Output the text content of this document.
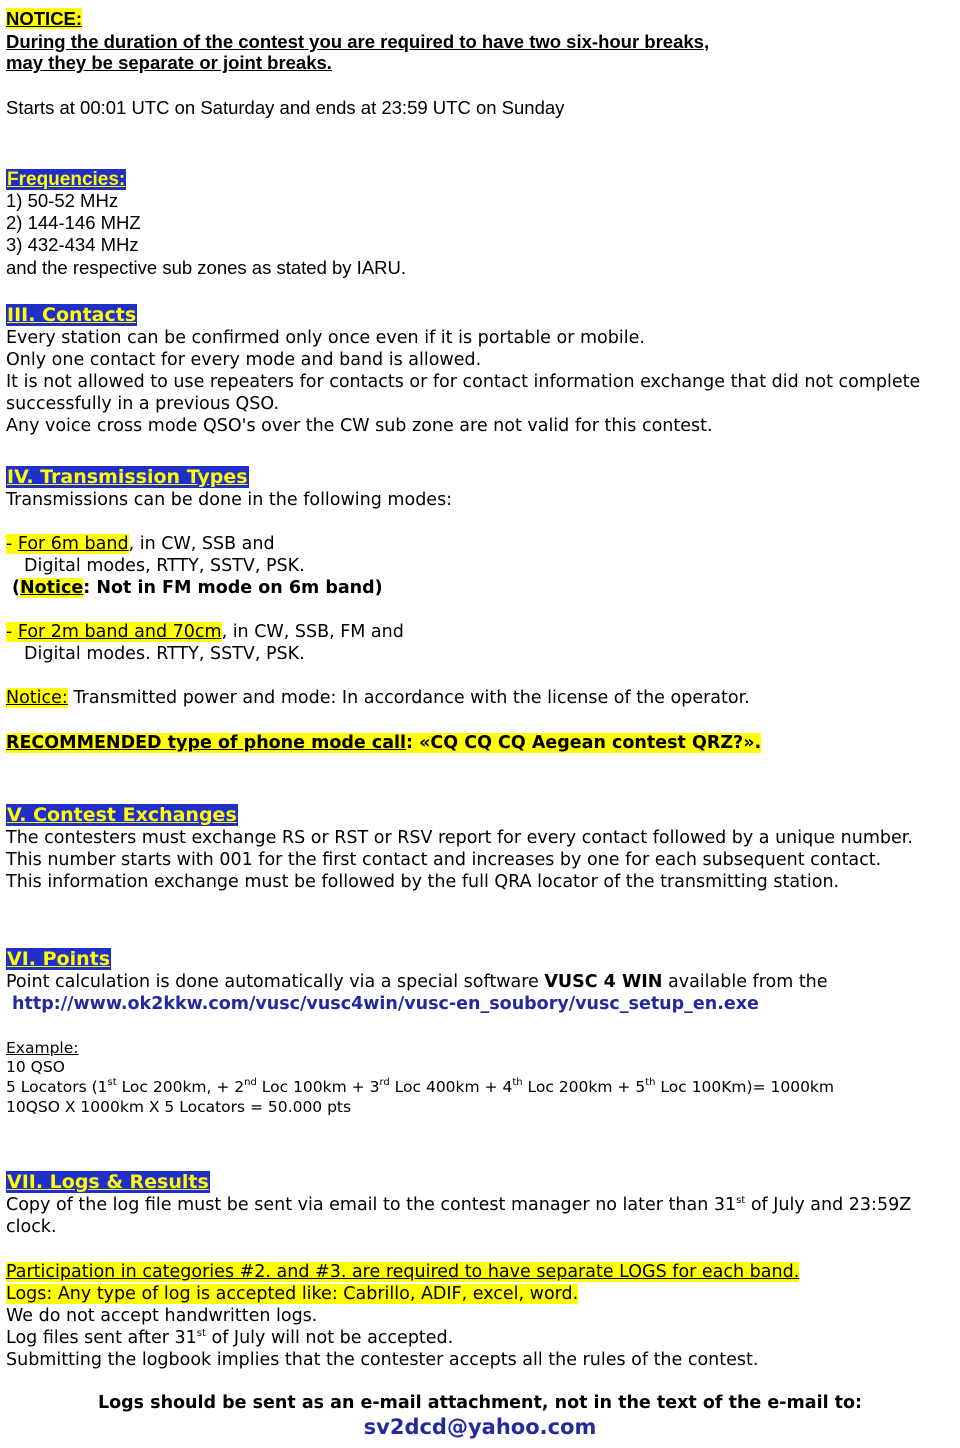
NOTICE:
During the duration of the contest you are required to have two six-hour breaks,
may they be separate or joint breaks.
Starts at 00:01 UTC on Saturday and ends at 23:59 UTC on Sunday
Frequencies:
1) 50-52 MHz
2) 144-146 MHZ
3) 432-434 MHz
and the respective sub zones as stated by IARU.
III. Contacts
Every station can be confirmed only once even if it is portable or mobile.
Only one contact for every mode and band is allowed.
It is not allowed to use repeaters for contacts or for contact information exchange that did not complete
successfully in a previous QSO.
Any voice cross mode QSO's over the CW sub zone are not valid for this contest.
IV. Transmission Types
Transmissions can be done in the following modes:
- For 6m band, in CW, SSB and
Digital modes, RTTY, SSTV, PSK.
(Notice: Not in FM mode on 6m band)
- For 2m band and 70cm, in CW, SSB, FM and
Digital modes. RTTY, SSTV, PSK.
Notice: Transmitted power and mode: In accordance with the license of the operator.
RECOMMENDED type of phone mode call: «CQ CQ CQ Aegean contest QRZ?».
V. Contest Exchanges
The contesters must exchange RS or RST or RSV report for every contact followed by a unique number.
This number starts with 001 for the first contact and increases by one for each subsequent contact.
This information exchange must be followed by the full QRA locator of the transmitting station.
VI. Points
Point calculation is done automatically via a special software VUSC 4 WIN available from the
http://www.ok2kkw.com/vusc/vusc4win/vusc-en_soubory/vusc_setup_en.exe
Example:
10 QSO
5 Locators (1st Loc 200km, + 2nd Loc 100km + 3rd Loc 400km + 4th Loc 200km + 5th Loc 100Km)= 1000km
10QSO X 1000km X 5 Locators = 50.000 pts
VII. Logs & Results
Copy of the log file must be sent via email to the contest manager no later than 31st of July and 23:59Z
clock.
Participation in categories #2. and #3. are required to have separate LOGS for each band.
Logs: Any type of log is accepted like: Cabrillo, ADIF, excel, word.
We do not accept handwritten logs.
Log files sent after 31st of July will not be accepted.
Submitting the logbook implies that the contester accepts all the rules of the contest.
Logs should be sent as an e-mail attachment, not in the text of the e-mail to:
sv2dcd@yahoo.com
